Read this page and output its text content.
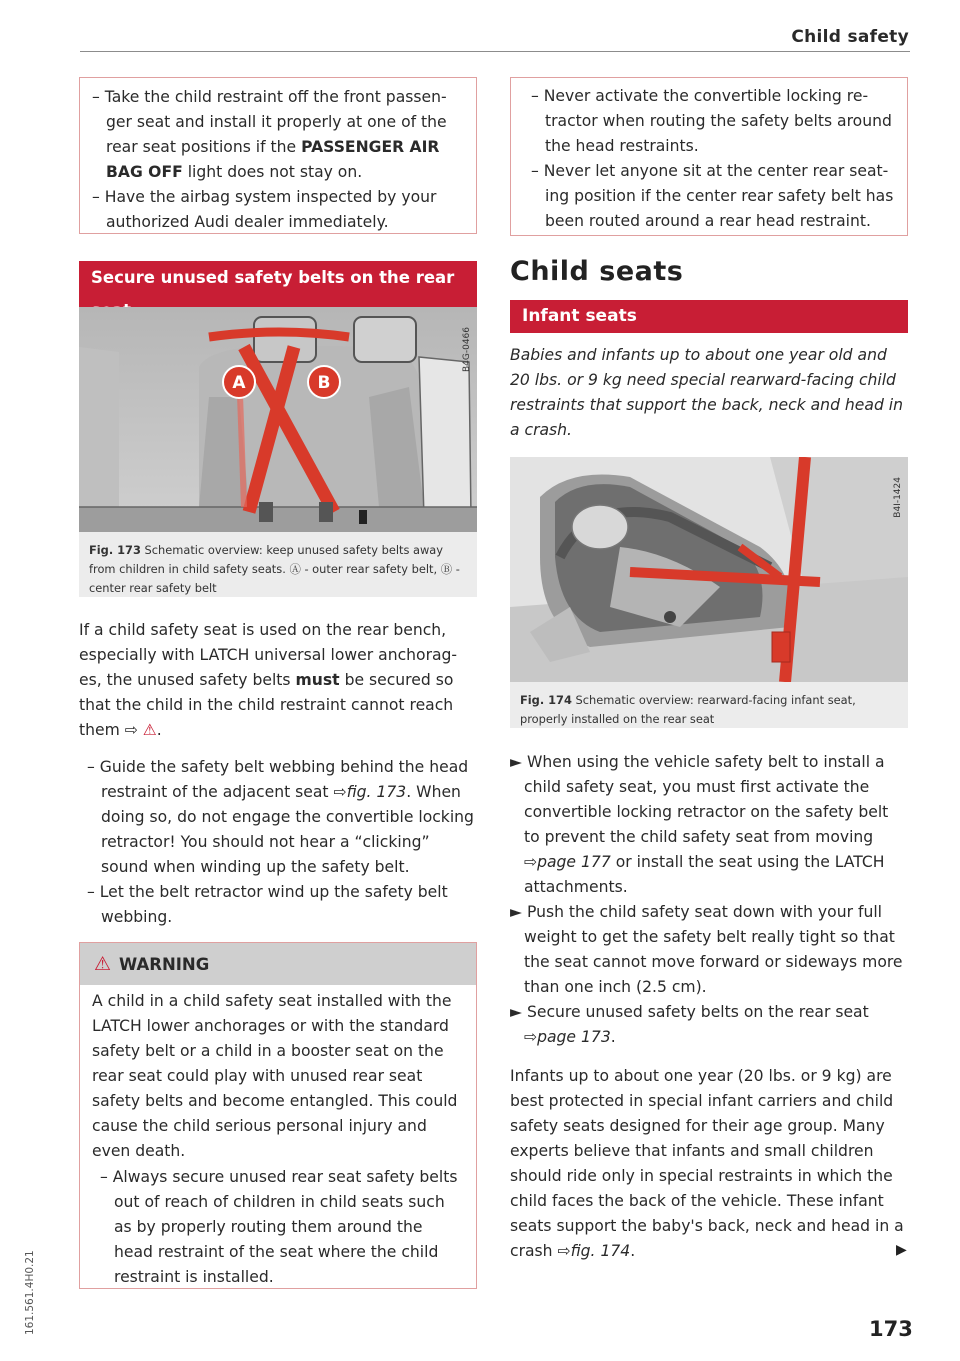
Child safety
– Take the child restraint off the front passen-
ger seat and install it properly at one of the
rear seat positions if the PASSENGER AIR BAG OFF light does not stay on.
– Have the airbag system inspected by your
authorized Audi dealer immediately.
Secure unused safety belts on the rear
A	B
B4G-0466
Fig. 173 Schematic overview: keep unused safety belts away from children in child safety seats. Ⓐ - outer rear safety belt, Ⓑ - center rear safety belt

If a child safety seat is used on the rear bench, especially with LATCH universal lower anchorag-es, the unused safety belts must be secured so that the child in the child restraint cannot reach them ⇨ ⚠.

– Guide the safety belt webbing behind the head restraint of the adjacent seat ⇨fig. 173. When doing so, do not engage the convertible locking retractor! You should not hear a “clicking” sound when winding up the safety belt.

– Let the belt retractor wind up the safety belt webbing.

⚠ WARNING

A child in a child safety seat installed with the LATCH lower anchorages or with the standard safety belt or a child in a booster seat on the rear seat could play with unused rear seat safety belts and become entangled. This could cause the child serious personal injury and even death.

– Always secure unused rear seat safety belts out of reach of children in child seats such as by properly routing them around the head restraint of the seat where the child restraint is installed.

– Never activate the convertible locking re-tractor when routing the safety belts around the head restraints.

– Never let anyone sit at the center rear seat-ing position if the center rear safety belt has been routed around a rear head restraint.

Child seats
Infant seats

Babies and infants up to about one year old and 20 lbs. or 9 kg need special rearward-facing child restraints that support the back, neck and head in a crash.

B4I-1424
Fig. 174 Schematic overview: rearward-facing infant seat, properly installed on the rear seat

► When using the vehicle safety belt to install a child safety seat, you must first activate the convertible locking retractor on the safety belt to prevent the child safety seat from moving ⇨page 177 or install the seat using the LATCH attachments.

► Push the child safety seat down with your full weight to get the safety belt really tight so that the seat cannot move forward or sideways more than one inch (2.5 cm).

► Secure unused safety belts on the rear seat ⇨page 173.

Infants up to about one year (20 lbs. or 9 kg) are best protected in special infant carriers and child safety seats designed for their age group. Many experts believe that infants and small children should ride only in special restraints in which the child faces the back of the vehicle. These infant seats support the baby's back, neck and head in a crash ⇨fig. 174.	▶
173
161.561.4H0.21
